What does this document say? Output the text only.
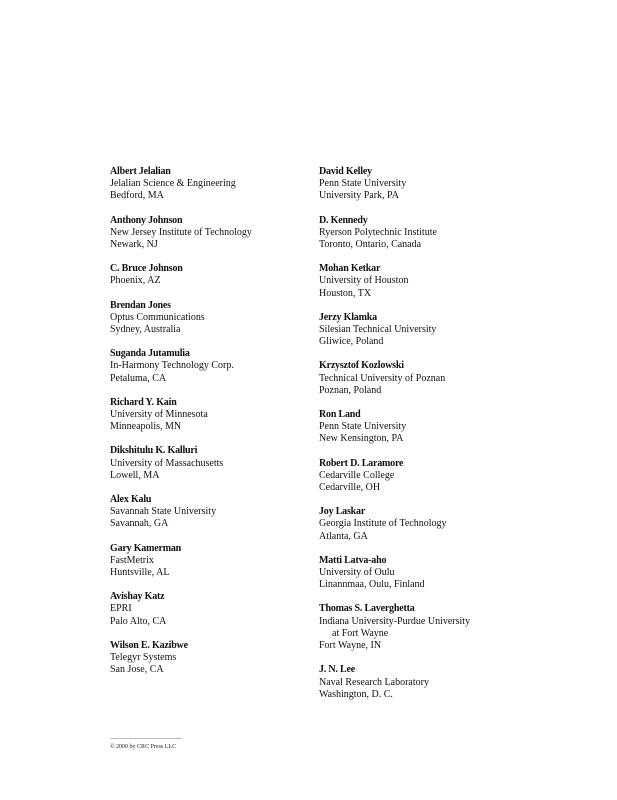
Albert Jelalian
Jelalian Science & Engineering
Bedford, MA
Anthony Johnson
New Jersey Institute of Technology
Newark, NJ
C. Bruce Johnson
Phoenix, AZ
Brendan Jones
Optus Communications
Sydney, Australia
Suganda Jutamulia
In-Harmony Technology Corp.
Petaluma, CA
Richard Y. Kain
University of Minnesota
Minneapolis, MN
Dikshitulu K. Kalluri
University of Massachusetts
Lowell, MA
Alex Kalu
Savannah State University
Savannah, GA
Gary Kamerman
FastMetrix
Huntsville, AL
Avishay Katz
EPRI
Palo Alto, CA
Wilson E. Kazibwe
Telegyr Systems
San Jose, CA
David Kelley
Penn State University
University Park, PA
D. Kennedy
Ryerson Polytechnic Institute
Toronto, Ontario, Canada
Mohan Ketkar
University of Houston
Houston, TX
Jerzy Klamka
Silesian Technical University
Gliwice, Poland
Krzysztof Kozlowski
Technical University of Poznan
Poznan, Poland
Ron Land
Penn State University
New Kensington, PA
Robert D. Laramore
Cedarville College
Cedarville, OH
Joy Laskar
Georgia Institute of Technology
Atlanta, GA
Matti Latva-aho
University of Oulu
Linannmaa, Oulu, Finland
Thomas S. Laverghetta
Indiana University-Purdue University
at Fort Wayne
Fort Wayne, IN
J. N. Lee
Naval Research Laboratory
Washington, D. C.
© 2000 by CRC Press LLC
